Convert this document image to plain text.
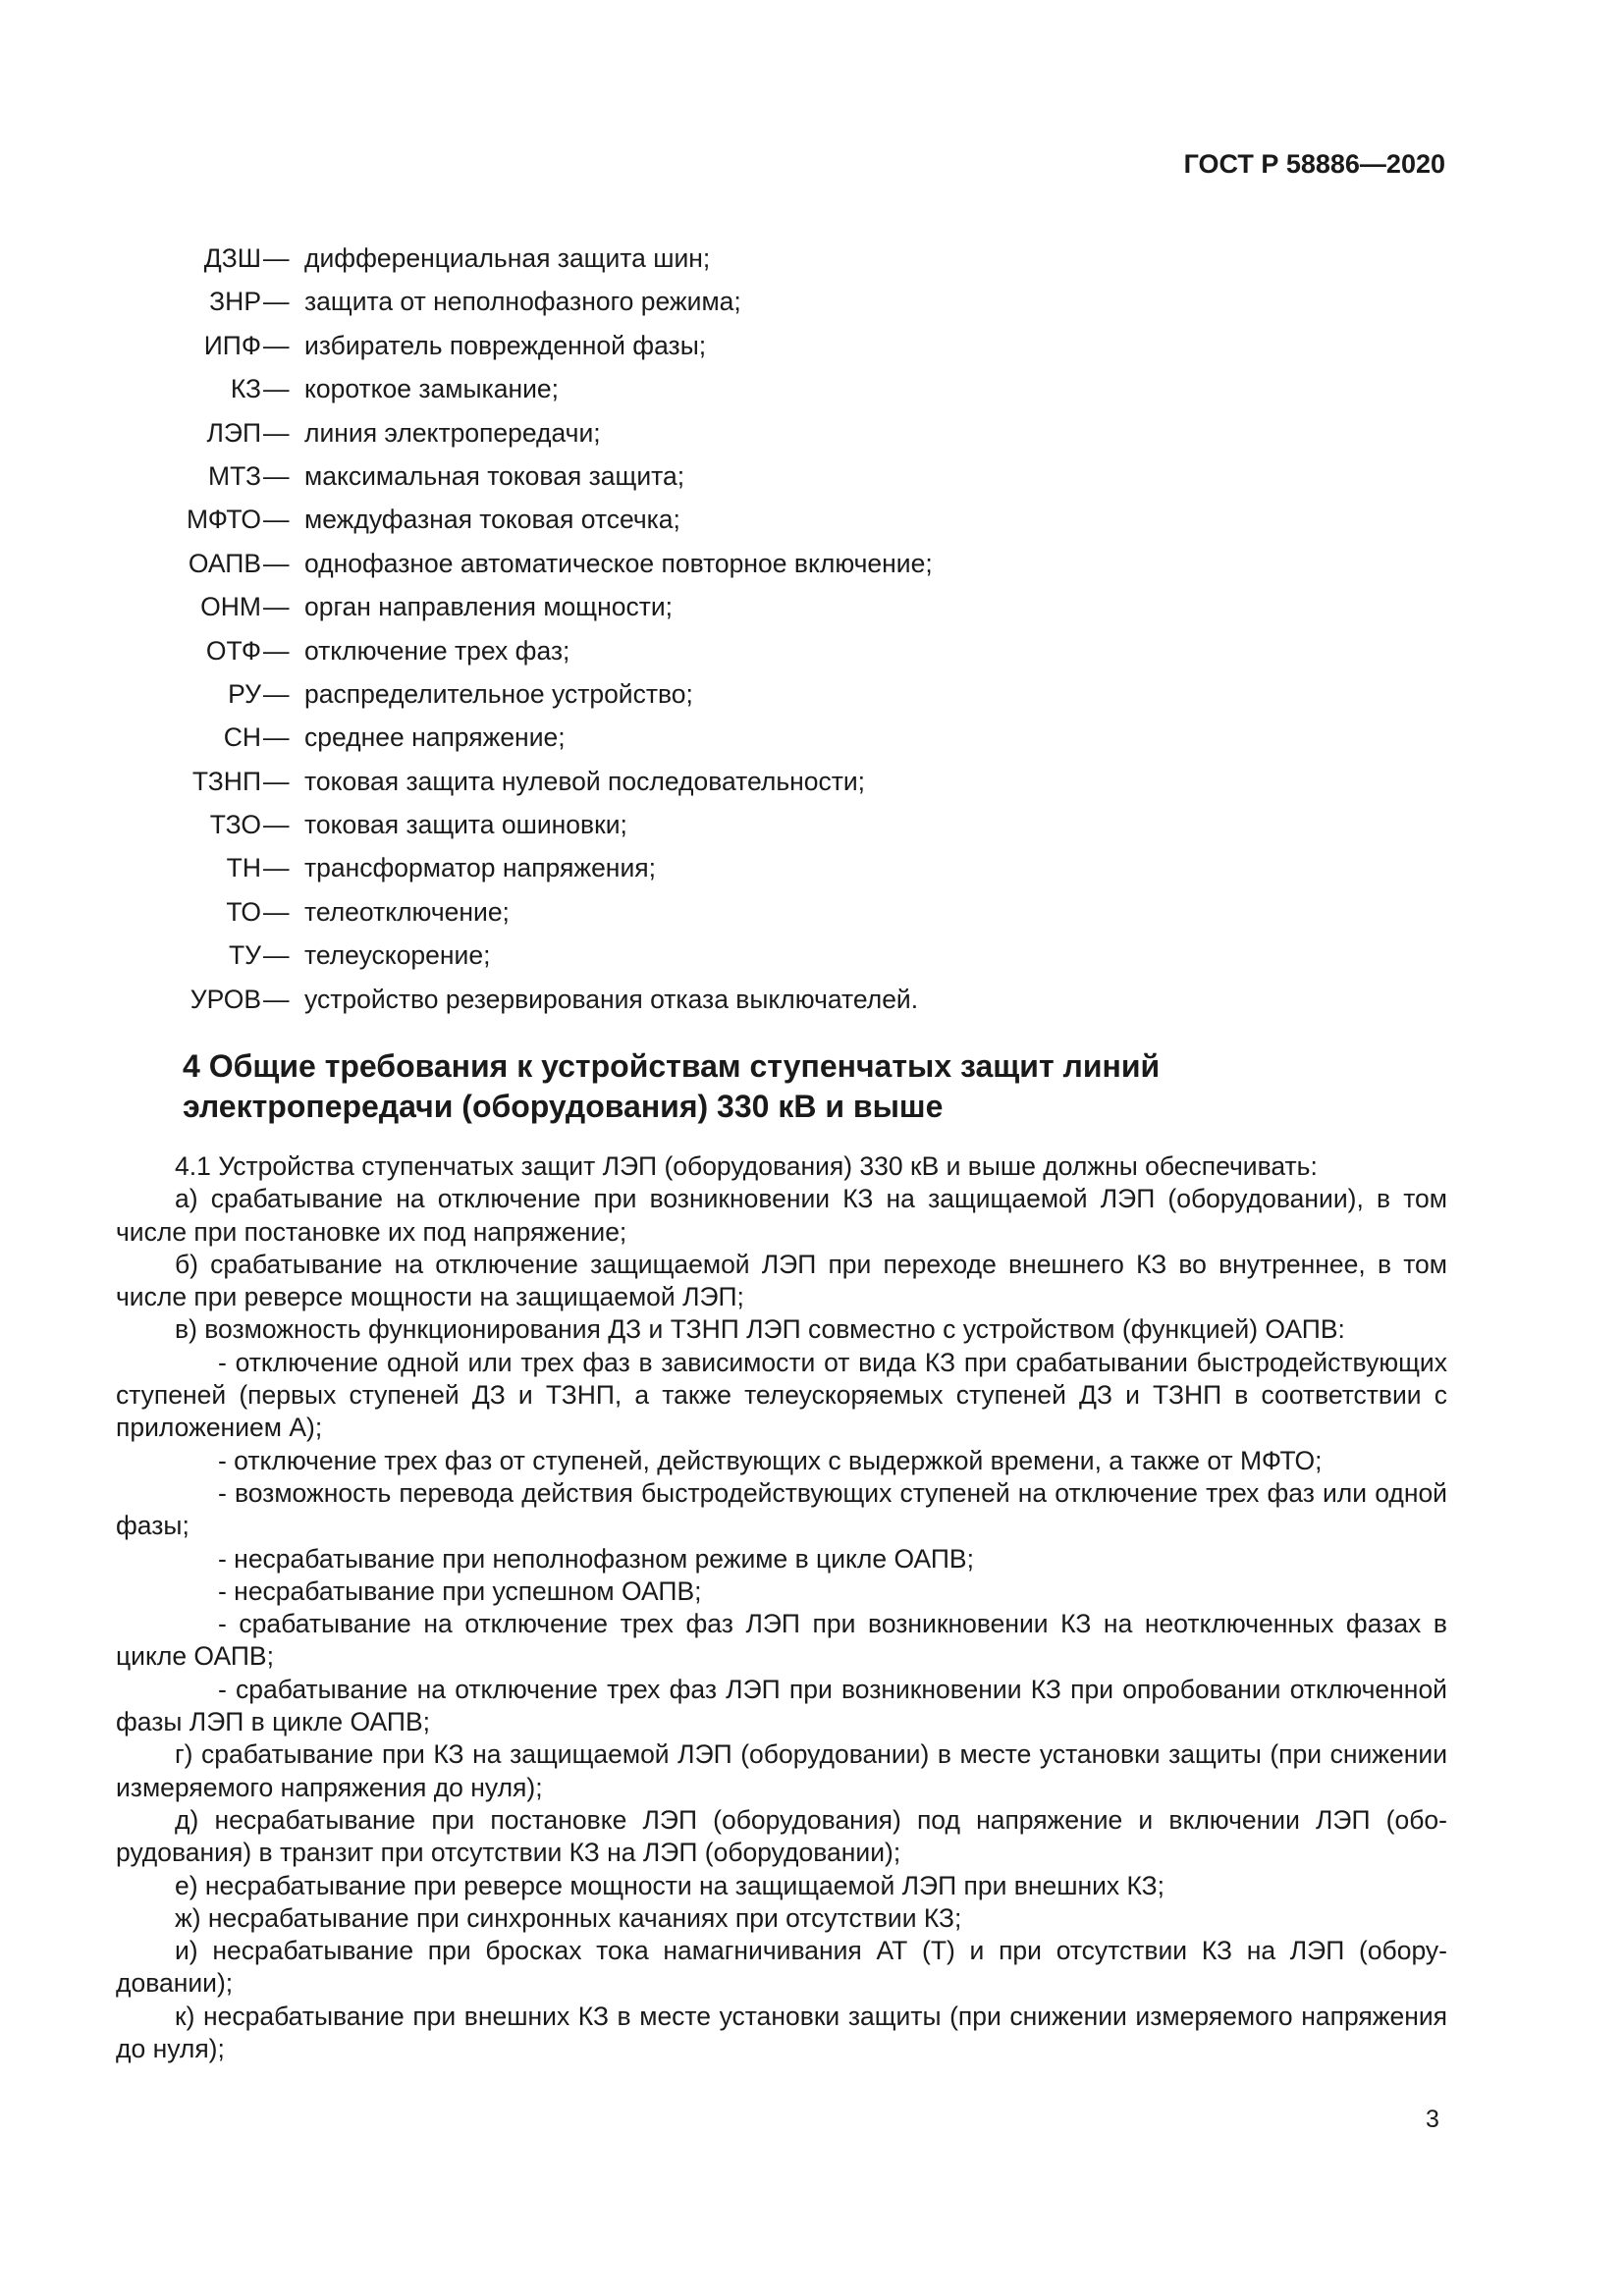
ГОСТ Р 58886—2020
ДЗШ — дифференциальная защита шин;
ЗНР — защита от неполнофазного режима;
ИПФ — избиратель поврежденной фазы;
КЗ — короткое замыкание;
ЛЭП — линия электропередачи;
МТЗ — максимальная токовая защита;
МФТО — междуфазная токовая отсечка;
ОАПВ — однофазное автоматическое повторное включение;
ОНМ — орган направления мощности;
ОТФ — отключение трех фаз;
РУ — распределительное устройство;
СН — среднее напряжение;
ТЗНП — токовая защита нулевой последовательности;
ТЗО — токовая защита ошиновки;
ТН — трансформатор напряжения;
ТО — телеотключение;
ТУ — телеускорение;
УРОВ — устройство резервирования отказа выключателей.
4 Общие требования к устройствам ступенчатых защит линий
электропередачи (оборудования) 330 кВ и выше

4.1 Устройства ступенчатых защит ЛЭП (оборудования) 330 кВ и выше должны обеспечивать:

а) срабатывание на отключение при возникновении КЗ на защищаемой ЛЭП (оборудовании), в том числе при постановке их под напряжение;

б) срабатывание на отключение защищаемой ЛЭП при переходе внешнего КЗ во внутреннее, в том числе при реверсе мощности на защищаемой ЛЭП;

в) возможность функционирования ДЗ и ТЗНП ЛЭП совместно с устройством (функцией) ОАПВ:

- отключение одной или трех фаз в зависимости от вида КЗ при срабатывании быстродействующих ступеней (первых ступеней ДЗ и ТЗНП, а также телеускоряемых ступеней ДЗ и ТЗНП в соответствии с приложением А);

- отключение трех фаз от ступеней, действующих с выдержкой времени, а также от МФТО;

- возможность перевода действия быстродействующих ступеней на отключение трех фаз или одной фазы;

- несрабатывание при неполнофазном режиме в цикле ОАПВ;

- несрабатывание при успешном ОАПВ;

- срабатывание на отключение трех фаз ЛЭП при возникновении КЗ на неотключенных фазах в цикле ОАПВ;

- срабатывание на отключение трех фаз ЛЭП при возникновении КЗ при опробовании отключенной фазы ЛЭП в цикле ОАПВ;

г) срабатывание при КЗ на защищаемой ЛЭП (оборудовании) в месте установки защиты (при снижении измеряемого напряжения до нуля);

д) несрабатывание при постановке ЛЭП (оборудования) под напряжение и включении ЛЭП (оборудования) в транзит при отсутствии КЗ на ЛЭП (оборудовании);

е) несрабатывание при реверсе мощности на защищаемой ЛЭП при внешних КЗ;

ж) несрабатывание при синхронных качаниях при отсутствии КЗ;

и) несрабатывание при бросках тока намагничивания АТ (Т) и при отсутствии КЗ на ЛЭП (оборудовании);

к) несрабатывание при внешних КЗ в месте установки защиты (при снижении измеряемого напряжения до нуля);

3
